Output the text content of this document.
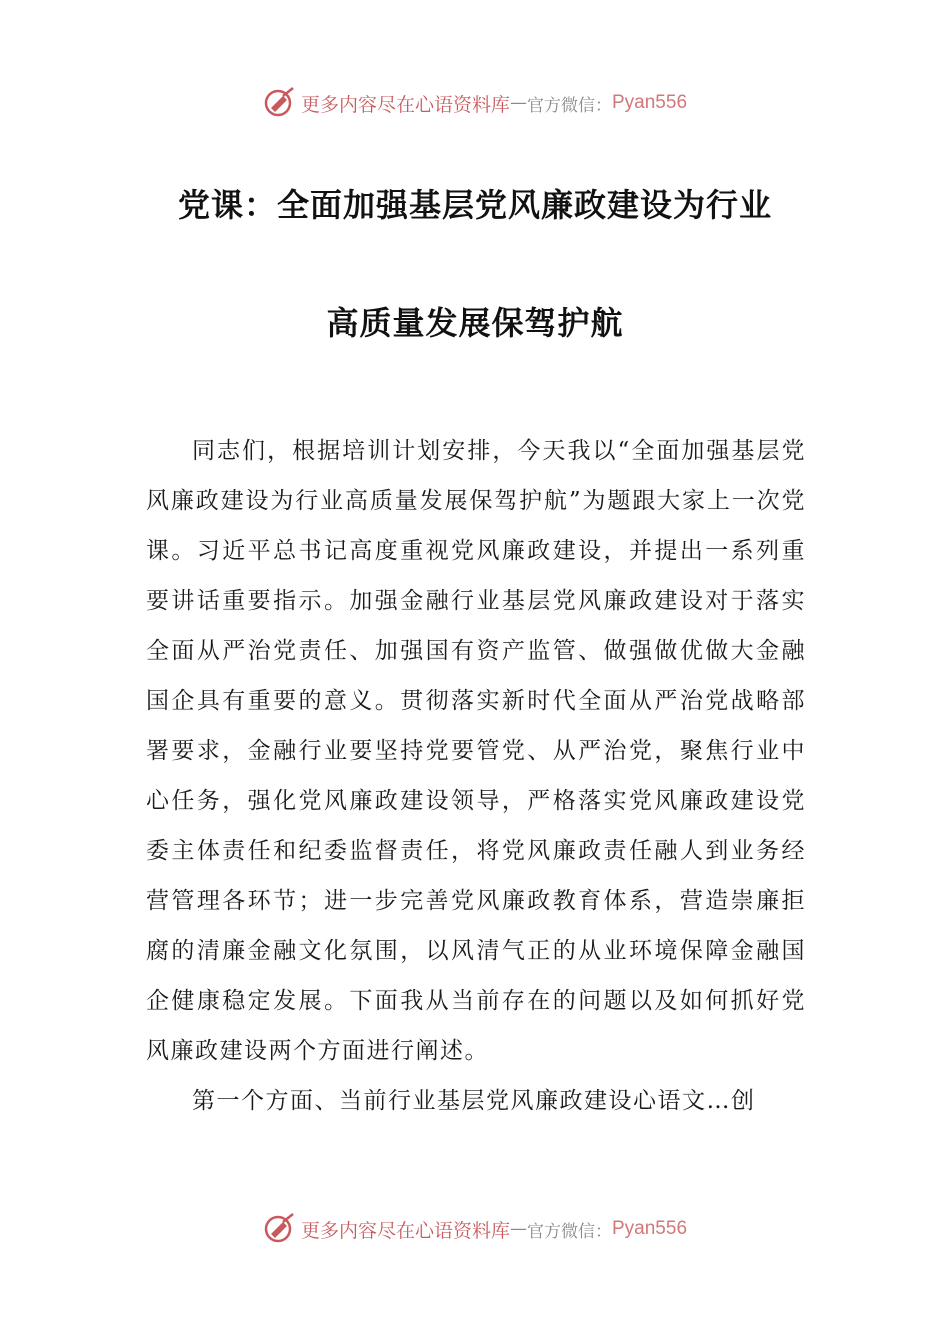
更多内容尽在心语资料库 — 官方微信： Pyan556
党课：全面加强基层党风廉政建设为行业
高质量发展保驾护航

同志们，根据培训计划安排，今天我以“全面加强基层党风廉政建设为行业高质量发展保驾护航”为题跟大家上一次党课。习近平总书记高度重视党风廉政建设，并提出一系列重要讲话重要指示。加强金融行业基层党风廉政建设对于落实全面从严治党责任、加强国有资产监管、做强做优做大金融国企具有重要的意义。贯彻落实新时代全面从严治党战略部署要求，金融行业要坚持党要管党、从严治党，聚焦行业中心任务，强化党风廉政建设领导，严格落实党风廉政建设党委主体责任和纪委监督责任，将党风廉政责任融人到业务经营管理各环节；进一步完善党风廉政教育体系，营造崇廉拒腐的清廉金融文化氛围，以风清气正的从业环境保障金融国企健康稳定发展。下面我从当前存在的问题以及如何抓好党风廉政建设两个方面进行阐述。

第一个方面、当前行业基层党风廉政建设心语文…创

更多内容尽在心语资料库 — 官方微信： Pyan556
